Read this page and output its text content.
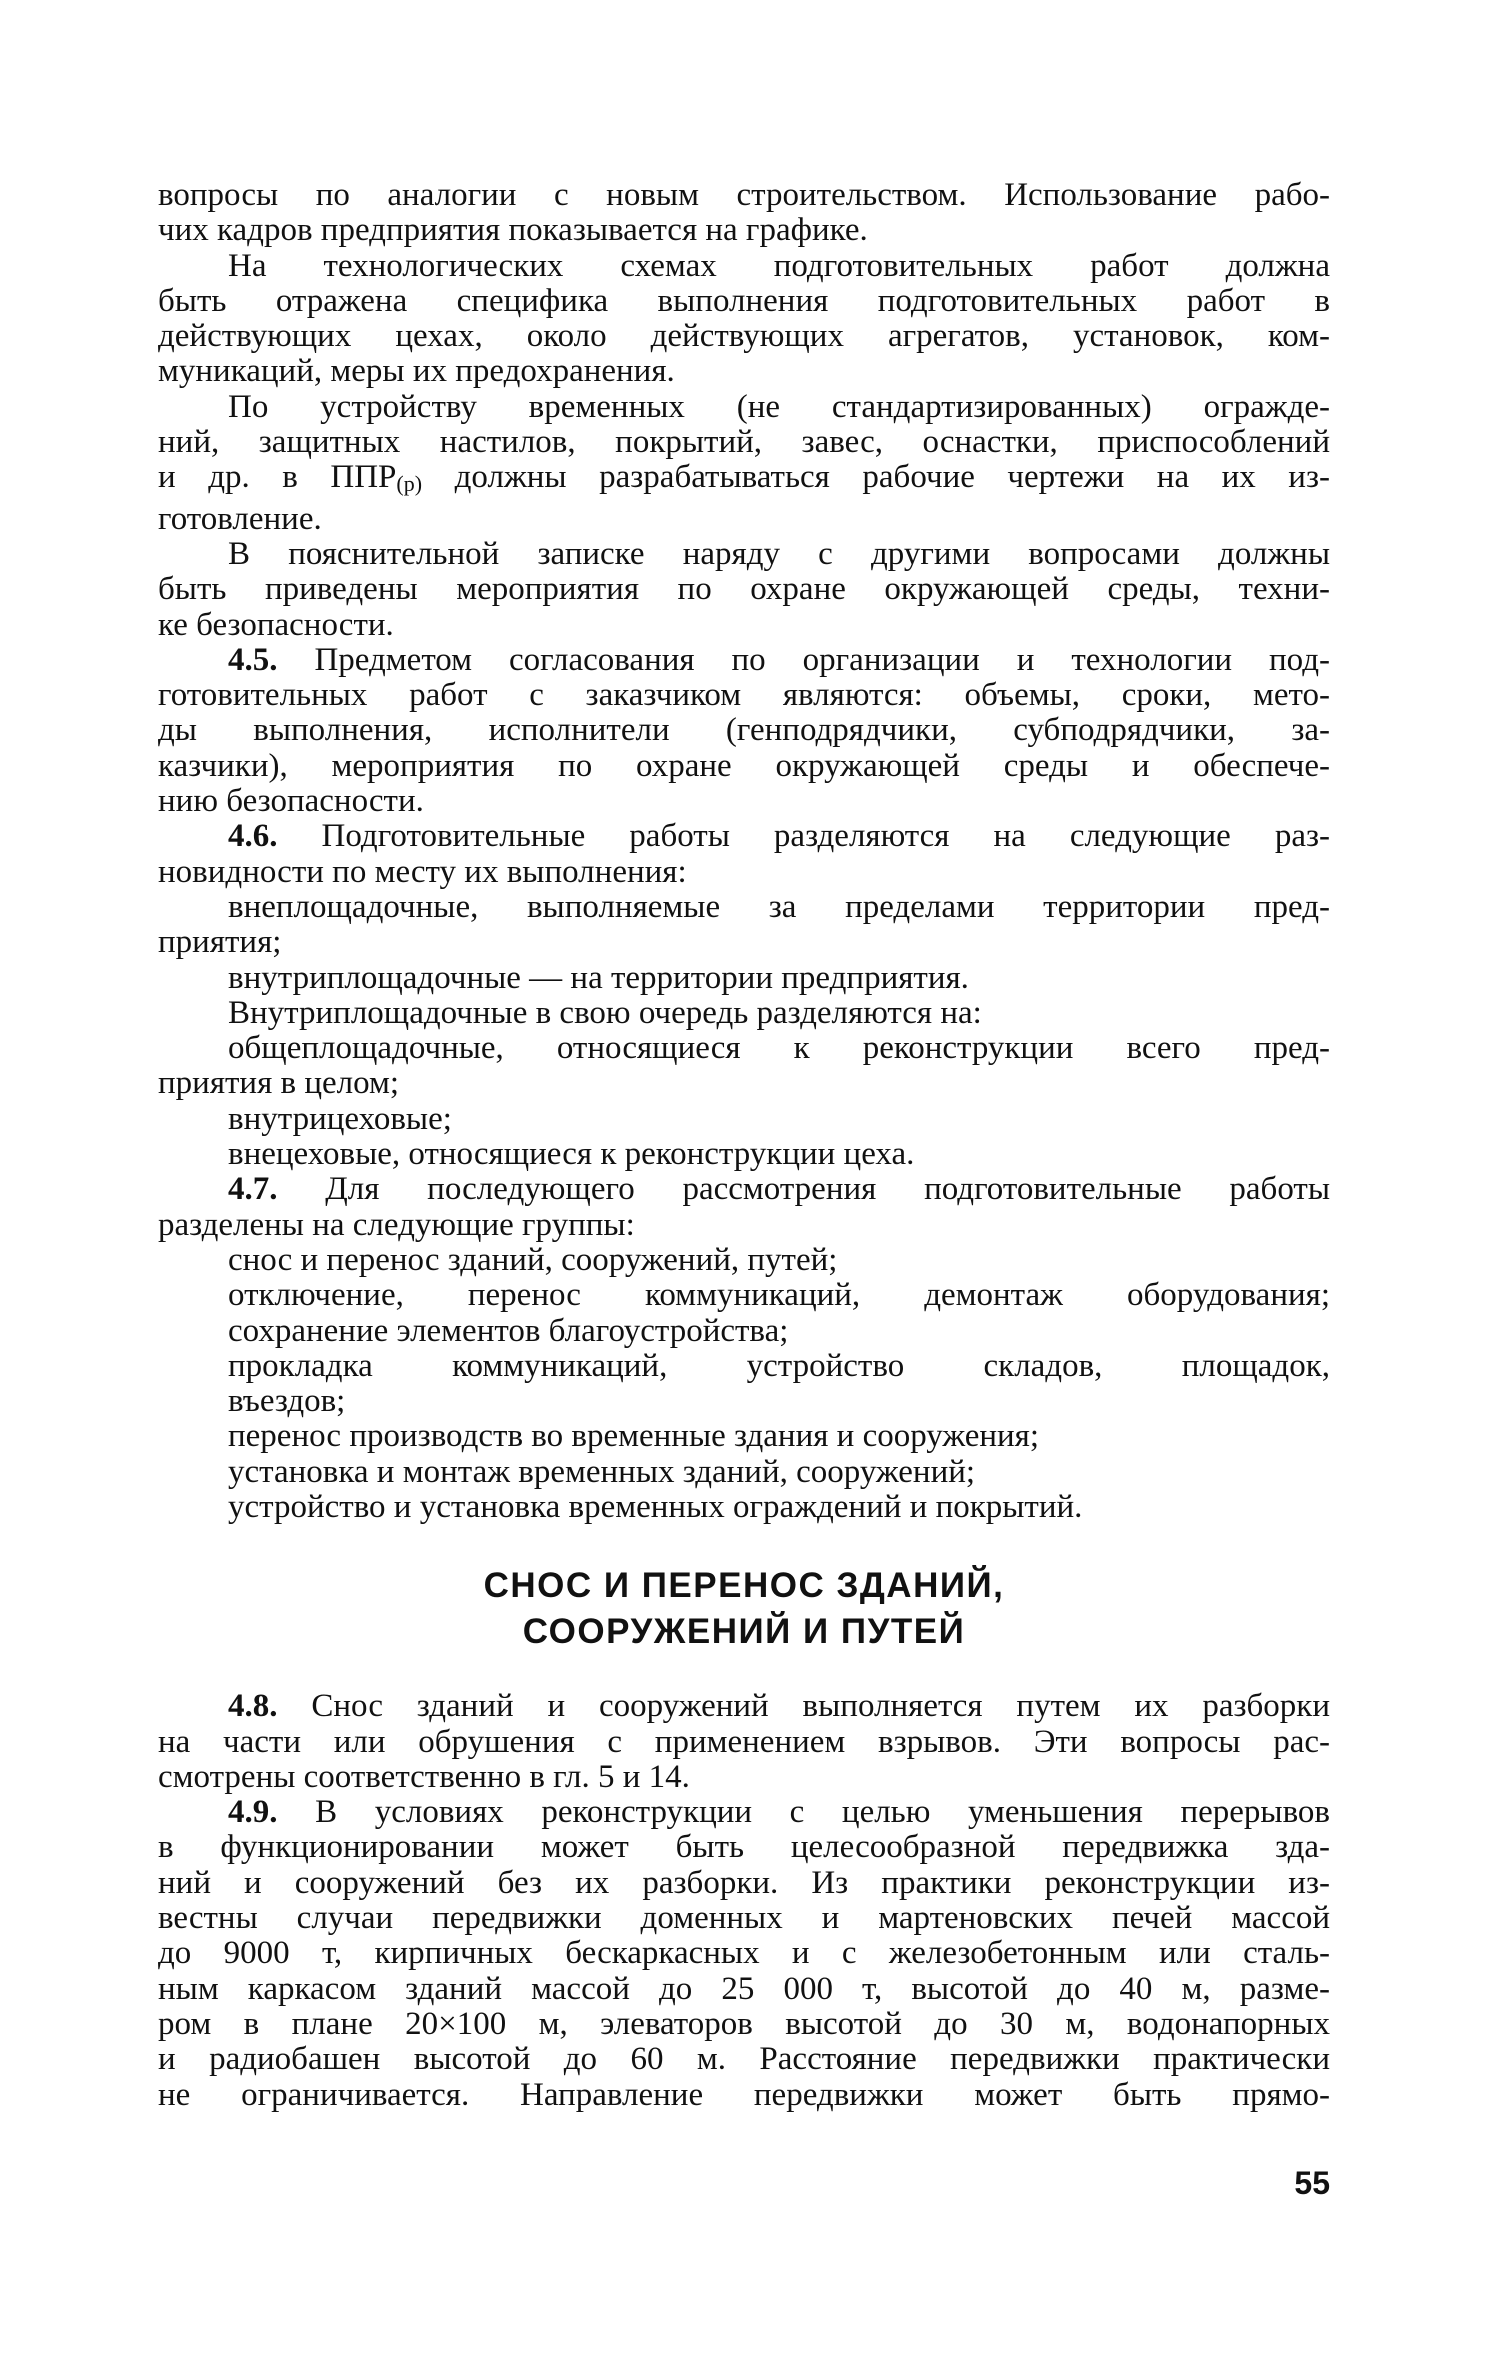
вопросы по аналогии с новым строительством. Использование рабо-
чих кадров предприятия показывается на графике.
На технологических схемах подготовительных работ должна
быть отражена специфика выполнения подготовительных работ в
действующих цехах, около действующих агрегатов, установок, ком-
муникаций, меры их предохранения.
По устройству временных (не стандартизированных) огражде-
ний, защитных настилов, покрытий, завес, оснастки, приспособлений
и др. в ППР(р) должны разрабатываться рабочие чертежи на их из-
готовление.
В пояснительной записке наряду с другими вопросами должны
быть приведены мероприятия по охране окружающей среды, техни-
ке безопасности.
4.5. Предметом согласования по организации и технологии под-
готовительных работ с заказчиком являются: объемы, сроки, мето-
ды выполнения, исполнители (генподрядчики, субподрядчики, за-
казчики), мероприятия по охране окружающей среды и обеспече-
нию безопасности.
4.6. Подготовительные работы разделяются на следующие раз-
новидности по месту их выполнения:
внеплощадочные, выполняемые за пределами территории пред-
приятия;
внутриплощадочные — на территории предприятия.
Внутриплощадочные в свою очередь разделяются на:
общеплощадочные, относящиеся к реконструкции всего пред-
приятия в целом;
внутрицеховые;
внецеховые, относящиеся к реконструкции цеха.
4.7. Для последующего рассмотрения подготовительные работы
разделены на следующие группы:
снос и перенос зданий, сооружений, путей;
отключение, перенос коммуникаций, демонтаж оборудования;
сохранение элементов благоустройства;
прокладка коммуникаций, устройство складов, площадок,
въездов;
перенос производств во временные здания и сооружения;
установка и монтаж временных зданий, сооружений;
устройство и установка временных ограждений и покрытий.
СНОС И ПЕРЕНОС ЗДАНИЙ,
СООРУЖЕНИЙ И ПУТЕЙ
4.8. Снос зданий и сооружений выполняется путем их разборки
на части или обрушения с применением взрывов. Эти вопросы рас-
смотрены соответственно в гл. 5 и 14.
4.9. В условиях реконструкции с целью уменьшения перерывов
в функционировании может быть целесообразной передвижка зда-
ний и сооружений без их разборки. Из практики реконструкции из-
вестны случаи передвижки доменных и мартеновских печей массой
до 9000 т, кирпичных бескаркасных и с железобетонным или сталь-
ным каркасом зданий массой до 25 000 т, высотой до 40 м, разме-
ром в плане 20×100 м, элеваторов высотой до 30 м, водонапорных
и радиобашен высотой до 60 м. Расстояние передвижки практически
не ограничивается. Направление передвижки может быть прямо-
55
